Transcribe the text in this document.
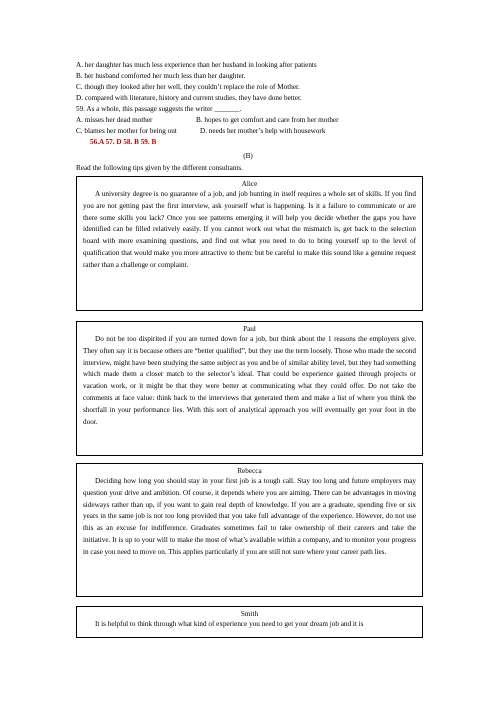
A. her daughter has much less experience than her husband in looking after patients
B. her husband comforted her much less than her daughter.
C. though they looked after her well, they couldn’t replace the role of Mother.
D. compared with literature, history and current studies, they have done better.
59. As a whole, this passage suggests the writer _______.
A. misses her dead mother	B. hopes to get comfort and care from her mother
C. blames her mother for being out	D. needs her mother’s help with housework
56.A 57. D 58. B 59. B
(B)
Read the following tips given by the different consultants.
Alice

A university degree is no guarantee of a job, and job hunting in itself requires a whole set of skills. If you find you are not getting past the first interview, ask yourself what is happening. Is it a failure to communicate or are there some skills you lack? Once you see patterns emerging it will help you decide whether the gaps you have identified can be filled relatively easily. If you cannot work out what the mismatch is, get back to the selection board with more examining questions, and find out what you need to do to bring yourself up to the level of qualification that would make you more attractive to them: but be careful to make this sound like a genuine request rather than a challenge or complaint.

Paul

Do not be too dispirited if you are turned down for a job, but think about the 1 reasons the employers give. They often say it is because others are “better qualified”, but they use the term loosely. Those who made the second interview, might have been studying the same subject as you and be of similar ability level, but they had something which made them a closer match to the selector’s ideal. That could be experience gained through projects or vacation work, or it might be that they were better at communicating what they could offer. Do not take the comments at face value: think back to the interviews that generated them and make a list of where you think the shortfall in your performance lies. With this sort of analytical approach you will eventually get your foot in the door.

Rebecca

Deciding how long you should stay in your first job is a tough call. Stay too long and future employers may question your drive and ambition. Of course, it depends where you are aiming. There can be advantages in moving sideways rather than up, if you want to gain real depth of knowledge. If you are a graduate, spending five or six years in the same job is not too long provided that you take full advantage of the experience. However, do not use this as an excuse for indifference. Graduates sometimes fail to take ownership of their careers and take the initiative. It is up to your will to make the most of what’s available within a company, and to monitor your progress in case you need to move on. This applies particularly if you are still not sure where your career path lies.

Smith

It is helpful to think through what kind of experience you need to get your dream job and it is
